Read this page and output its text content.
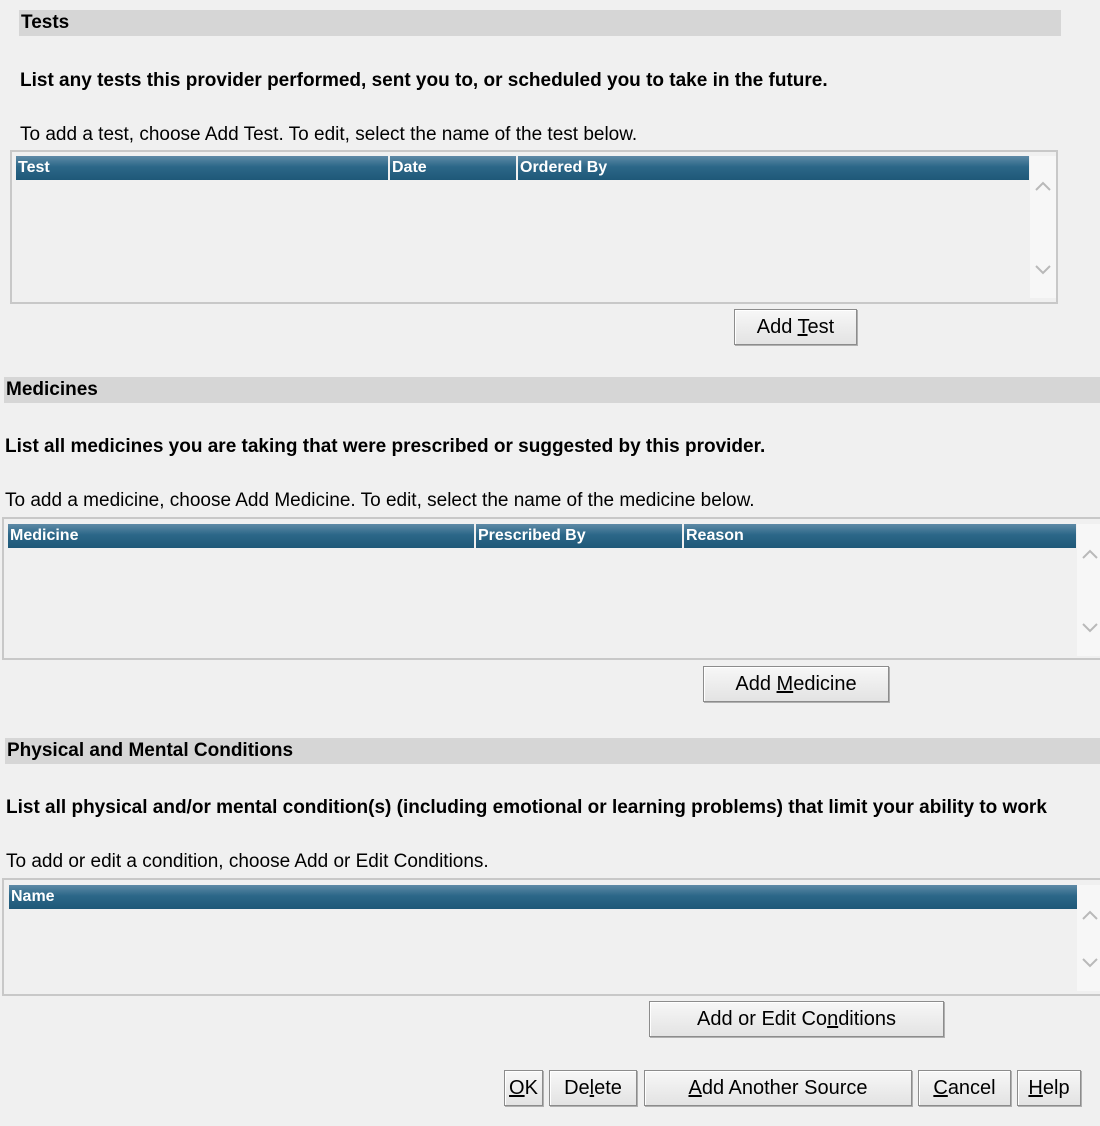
Tests
List any tests this provider performed, sent you to, or scheduled you to take in the future.
To add a test, choose Add Test. To edit, select the name of the test below.
Test	Date	Ordered By
Add Test
Medicines
List all medicines you are taking that were prescribed or suggested by this provider.
To add a medicine, choose Add Medicine. To edit, select the name of the medicine below.
Medicine	Prescribed By	Reason
Add Medicine
Physical and Mental Conditions
List all physical and/or mental condition(s) (including emotional or learning problems) that limit your ability to work
To add or edit a condition, choose Add or Edit Conditions.
Name
Add or Edit Conditions
OK	Delete	Add Another Source	Cancel	Help
